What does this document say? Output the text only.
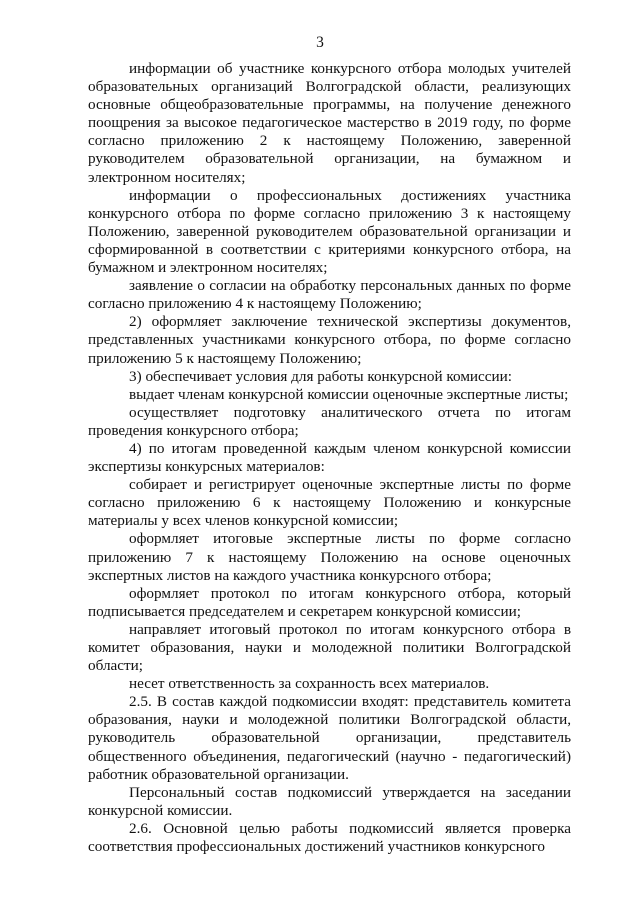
3

информации об участнике конкурсного отбора молодых учителей образовательных организаций Волгоградской области, реализующих основные общеобразовательные программы, на получение денежного поощрения за высокое педагогическое мастерство в 2019 году, по форме согласно приложению 2 к настоящему Положению, заверенной руководителем образовательной организации, на бумажном и электронном носителях;

информации о профессиональных достижениях участника конкурсного отбора по форме согласно приложению 3 к настоящему Положению, заверенной руководителем образовательной организации и сформированной в соответствии с критериями конкурсного отбора, на бумажном и электронном носителях;

заявление о согласии на обработку персональных данных по форме согласно приложению 4 к настоящему Положению;

2) оформляет заключение технической экспертизы документов, представленных участниками конкурсного отбора, по форме согласно приложению 5 к настоящему Положению;

3) обеспечивает условия для работы конкурсной комиссии:

выдает членам конкурсной комиссии оценочные экспертные листы;

осуществляет подготовку аналитического отчета по итогам проведения конкурсного отбора;

4) по итогам проведенной каждым членом конкурсной комиссии экспертизы конкурсных материалов:

собирает и регистрирует оценочные экспертные листы по форме согласно приложению 6 к настоящему Положению и конкурсные материалы у всех членов конкурсной комиссии;

оформляет итоговые экспертные листы по форме согласно приложению 7 к настоящему Положению на основе оценочных экспертных листов на каждого участника конкурсного отбора;

оформляет протокол по итогам конкурсного отбора, который подписывается председателем и секретарем конкурсной комиссии;

направляет итоговый протокол по итогам конкурсного отбора в комитет образования, науки и молодежной политики Волгоградской области;

несет ответственность за сохранность всех материалов.

2.5. В состав каждой подкомиссии входят: представитель комитета образования, науки и молодежной политики Волгоградской области, руководитель образовательной организации, представитель общественного объединения, педагогический (научно - педагогический) работник образовательной организации.

Персональный состав подкомиссий утверждается на заседании конкурсной комиссии.

2.6. Основной целью работы подкомиссий является проверка соответствия профессиональных достижений участников конкурсного
